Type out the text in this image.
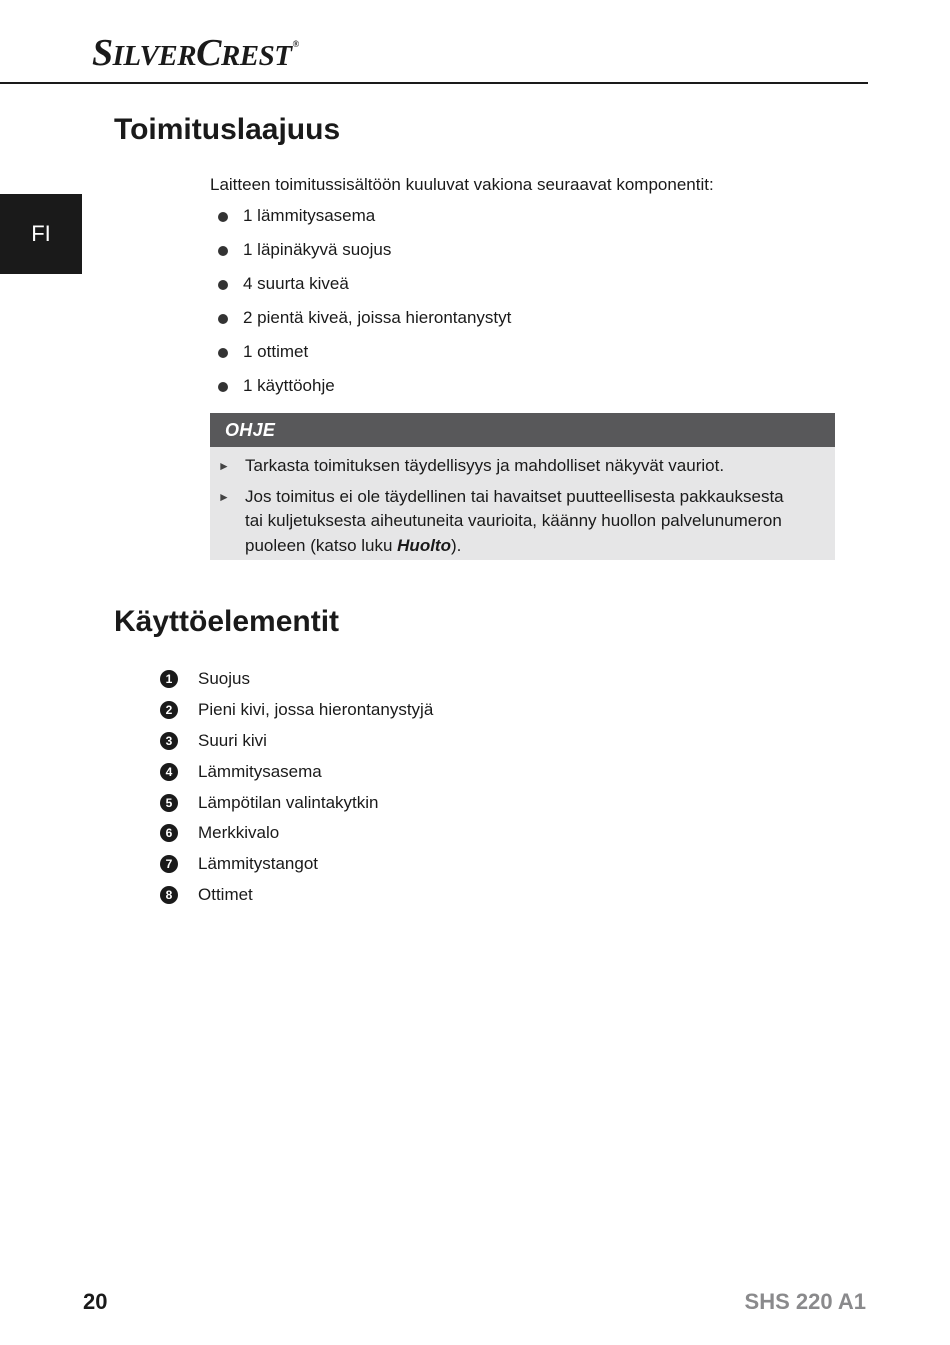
SILVERCREST®
FI
Toimituslaajuus
Laitteen toimitussisältöön kuuluvat vakiona seuraavat komponentit:
1 lämmitysasema
1 läpinäkyvä suojus
4 suurta kiveä
2 pientä kiveä, joissa hierontanystyt
1 ottimet
1 käyttöohje
OHJE
► Tarkasta toimituksen täydellisyys ja mahdolliset näkyvät vauriot.
► Jos toimitus ei ole täydellinen tai havaitset puutteellisesta pakkauksesta tai kuljetuksesta aiheutuneita vaurioita, käänny huollon palvelunumeron puoleen (katso luku Huolto).
Käyttöelementit
1	Suojus
2	Pieni kivi, jossa hierontanystyjä
3	Suuri kivi
4	Lämmitysasema
5	Lämpötilan valintakytkin
6	Merkkivalo
7	Lämmitystangot
8	Ottimet
20	SHS 220 A1
